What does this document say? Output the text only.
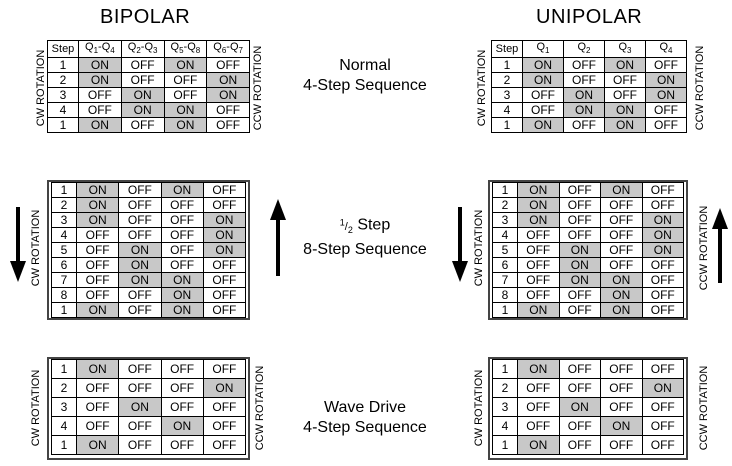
BIPOLAR	UNIPOLAR
Normal
4-Step Sequence
$^1/_2$ Step
8-Step Sequence
Wave Drive
4-Step Sequence
Step	$Q_1-Q_4$	$Q_2-Q_3$	$Q_5-Q_8$	$Q_6-Q_7$
1	ON	OFF	ON	OFF
2	ON	OFF	OFF	ON
3	OFF	ON	OFF	ON
4	OFF	ON	ON	OFF
1	ON	OFF	ON	OFF
Step	$Q_1$	$Q_2$	$Q_3$	$Q_4$
1	ON	OFF	ON	OFF
2	ON	OFF	OFF	ON
3	OFF	ON	OFF	ON
4	OFF	ON	ON	OFF
1	ON	OFF	ON	OFF
1	ON	OFF	ON	OFF
2	ON	OFF	OFF	OFF
3	ON	OFF	OFF	ON
4	OFF	OFF	OFF	ON
5	OFF	ON	OFF	ON
6	OFF	ON	OFF	OFF
7	OFF	ON	ON	OFF
8	OFF	OFF	ON	OFF
1	ON	OFF	ON	OFF
1	ON	OFF	ON	OFF
2	ON	OFF	OFF	OFF
3	ON	OFF	OFF	ON
4	OFF	OFF	OFF	ON
5	OFF	ON	OFF	ON
6	OFF	ON	OFF	OFF
7	OFF	ON	ON	OFF
8	OFF	OFF	ON	OFF
1	ON	OFF	ON	OFF
1	ON	OFF	OFF	OFF
2	OFF	OFF	OFF	ON
3	OFF	ON	OFF	OFF
4	OFF	OFF	ON	OFF
1	ON	OFF	OFF	OFF
1	ON	OFF	OFF	OFF
2	OFF	OFF	OFF	ON
3	OFF	ON	OFF	OFF
4	OFF	OFF	ON	OFF
1	ON	OFF	OFF	OFF
CW ROTATION	CCW ROTATION	CW ROTATION	CCW ROTATION
CW ROTATION	CW ROTATION	CCW ROTATION
CW ROTATION	CCW ROTATION	CW ROTATION	CCW ROTATION
